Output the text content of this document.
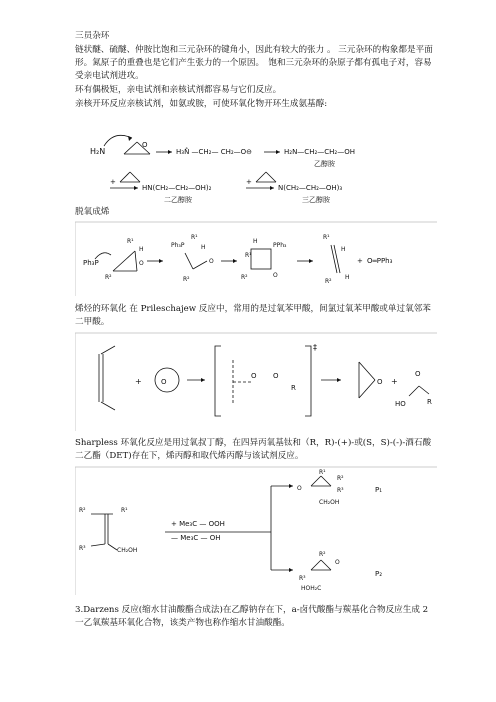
三员杂环

链状醚、硫醚、仲胺比饱和三元杂环的键角小，因此有较大的张力 。 三元杂环的构象都是平面形。氮原子的重叠也是它们产生张力的一个原因。　饱和三元杂环的杂原子都有孤电子对，容易受亲电试剂进攻。

环有偶极矩，亲电试剂和亲核试剂都容易与它们反应。

亲核开环反应亲核试剂，如氨或胺，可使环氧化物开环生成氨基醇:

H₂N
O
H₃N̊ —CH₂— CH₂—O⊖	H₂N—CH₂—CH₂—OH
乙醇胺
+
HN(CH₂—CH₂—OH)₂
二乙醇胺
+
N(CH₂—CH₂—OH)₃
三乙醇胺

脱氧成烯

Ph₃P
R¹
R²
O
H
Ph₃P
R¹
R²
O
H
H
PPh₃
R²	O
R¹
R¹
R²
H
H
+ O═PPh₃

烯烃的环氧化 在 Prileschajew 反应中，常用的是过氧苯甲酸，间氯过氧苯甲酸或单过氧邻苯二甲酸。

+	O
‡
O O
R
O +
HO
O
R

Sharpless 环氧化反应是用过氧叔丁醇，在四异丙氧基钛和（R，R)-(+)-或(S，S)-(-)-酒石酸二乙酯（DET)存在下，烯丙醇和取代烯丙醇与该试剂反应。

R²	R¹
R³	CH₂OH
+ Me₃C — OOH
— Me₃C — OH
O
R¹
R²
R³
CH₂OH
P₁
R²
O
R³
HOH₂C
P₂

3.Darzens 反应(缩水甘油酸酯合成法)在乙醇钠存在下，a-卤代酸酯与羰基化合物反应生成 2 一乙氧羰基环氧化合物，该类产物也称作缩水甘油酸酯。
